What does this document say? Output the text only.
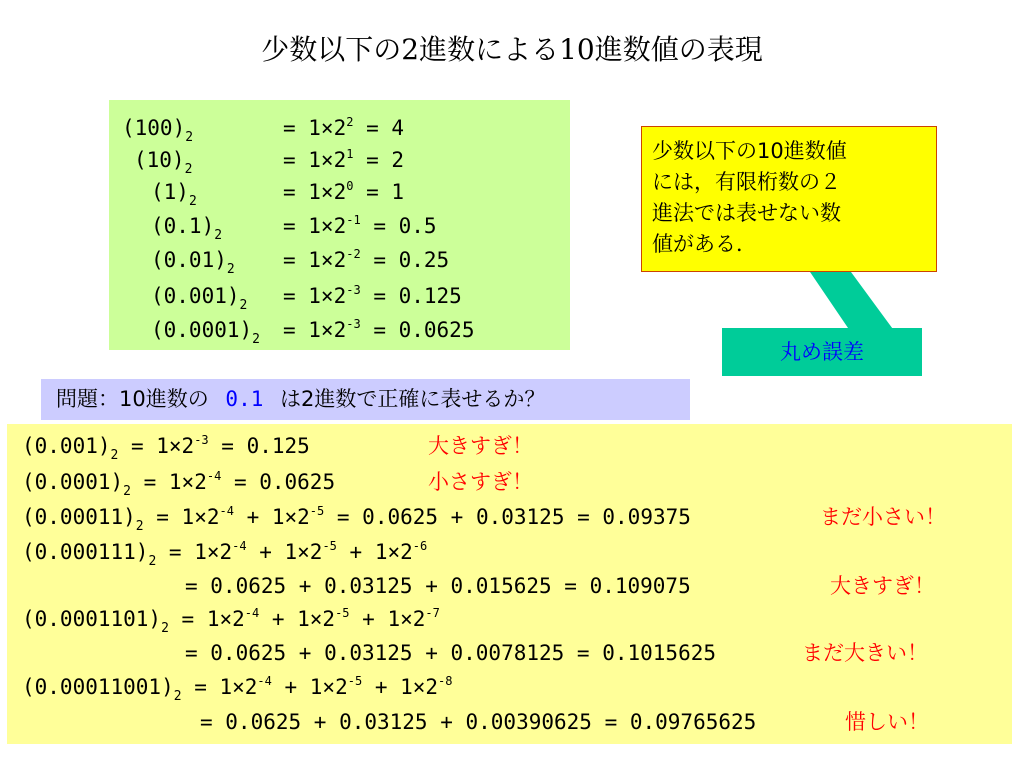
少数以下の2進数による10進数値の表現
$(100)_2$	= $1\times 2^2 = 4$
$(10)_2$	= $1\times 2^1 = 2$
$(1)_2$	= $1\times 2^0 = 1$
$(0.1)_2$	= $1\times 2^{-1} = 0.5$
$(0.01)_2 = 1\times 2^{-2} = 0.25$
$(0.001)_2 = 1\times 2^{-3} = 0.125$
$(0.0001)_2 = 1\times 2^{-3} = 0.0625$
少数以下の10進数値
には，有限桁数の２
進法では表せない数
値がある．
丸め誤差
問題：10進数の 0.1 は2進数で正確に表せるか？
$(0.001)_2 = 1\times 2^{-3} = 0.125$	大きすぎ！
$(0.0001)_2 = 1\times 2^{-4} = 0.0625$	小さすぎ！
$(0.00011)_2 = 1\times 2^{-4} + 1\times 2^{-5} = 0.0625 + 0.03125 = 0.09375$	まだ小さい！
$(0.000111)_2 = 1\times 2^{-4} + 1\times 2^{-5} + 1\times 2^{-6}$
= 0.0625 + 0.03125 + 0.015625 = 0.109075	大きすぎ！
$(0.0001101)_2 = 1\times 2^{-4} + 1\times 2^{-5} + 1\times 2^{-7}$
= 0.0625 + 0.03125 + 0.0078125 = 0.1015625	まだ大きい！
$(0.00011001)_2 = 1\times 2^{-4} + 1\times 2^{-5} + 1\times 2^{-8}$
= 0.0625 + 0.03125 + 0.00390625 = 0.09765625	惜しい！
